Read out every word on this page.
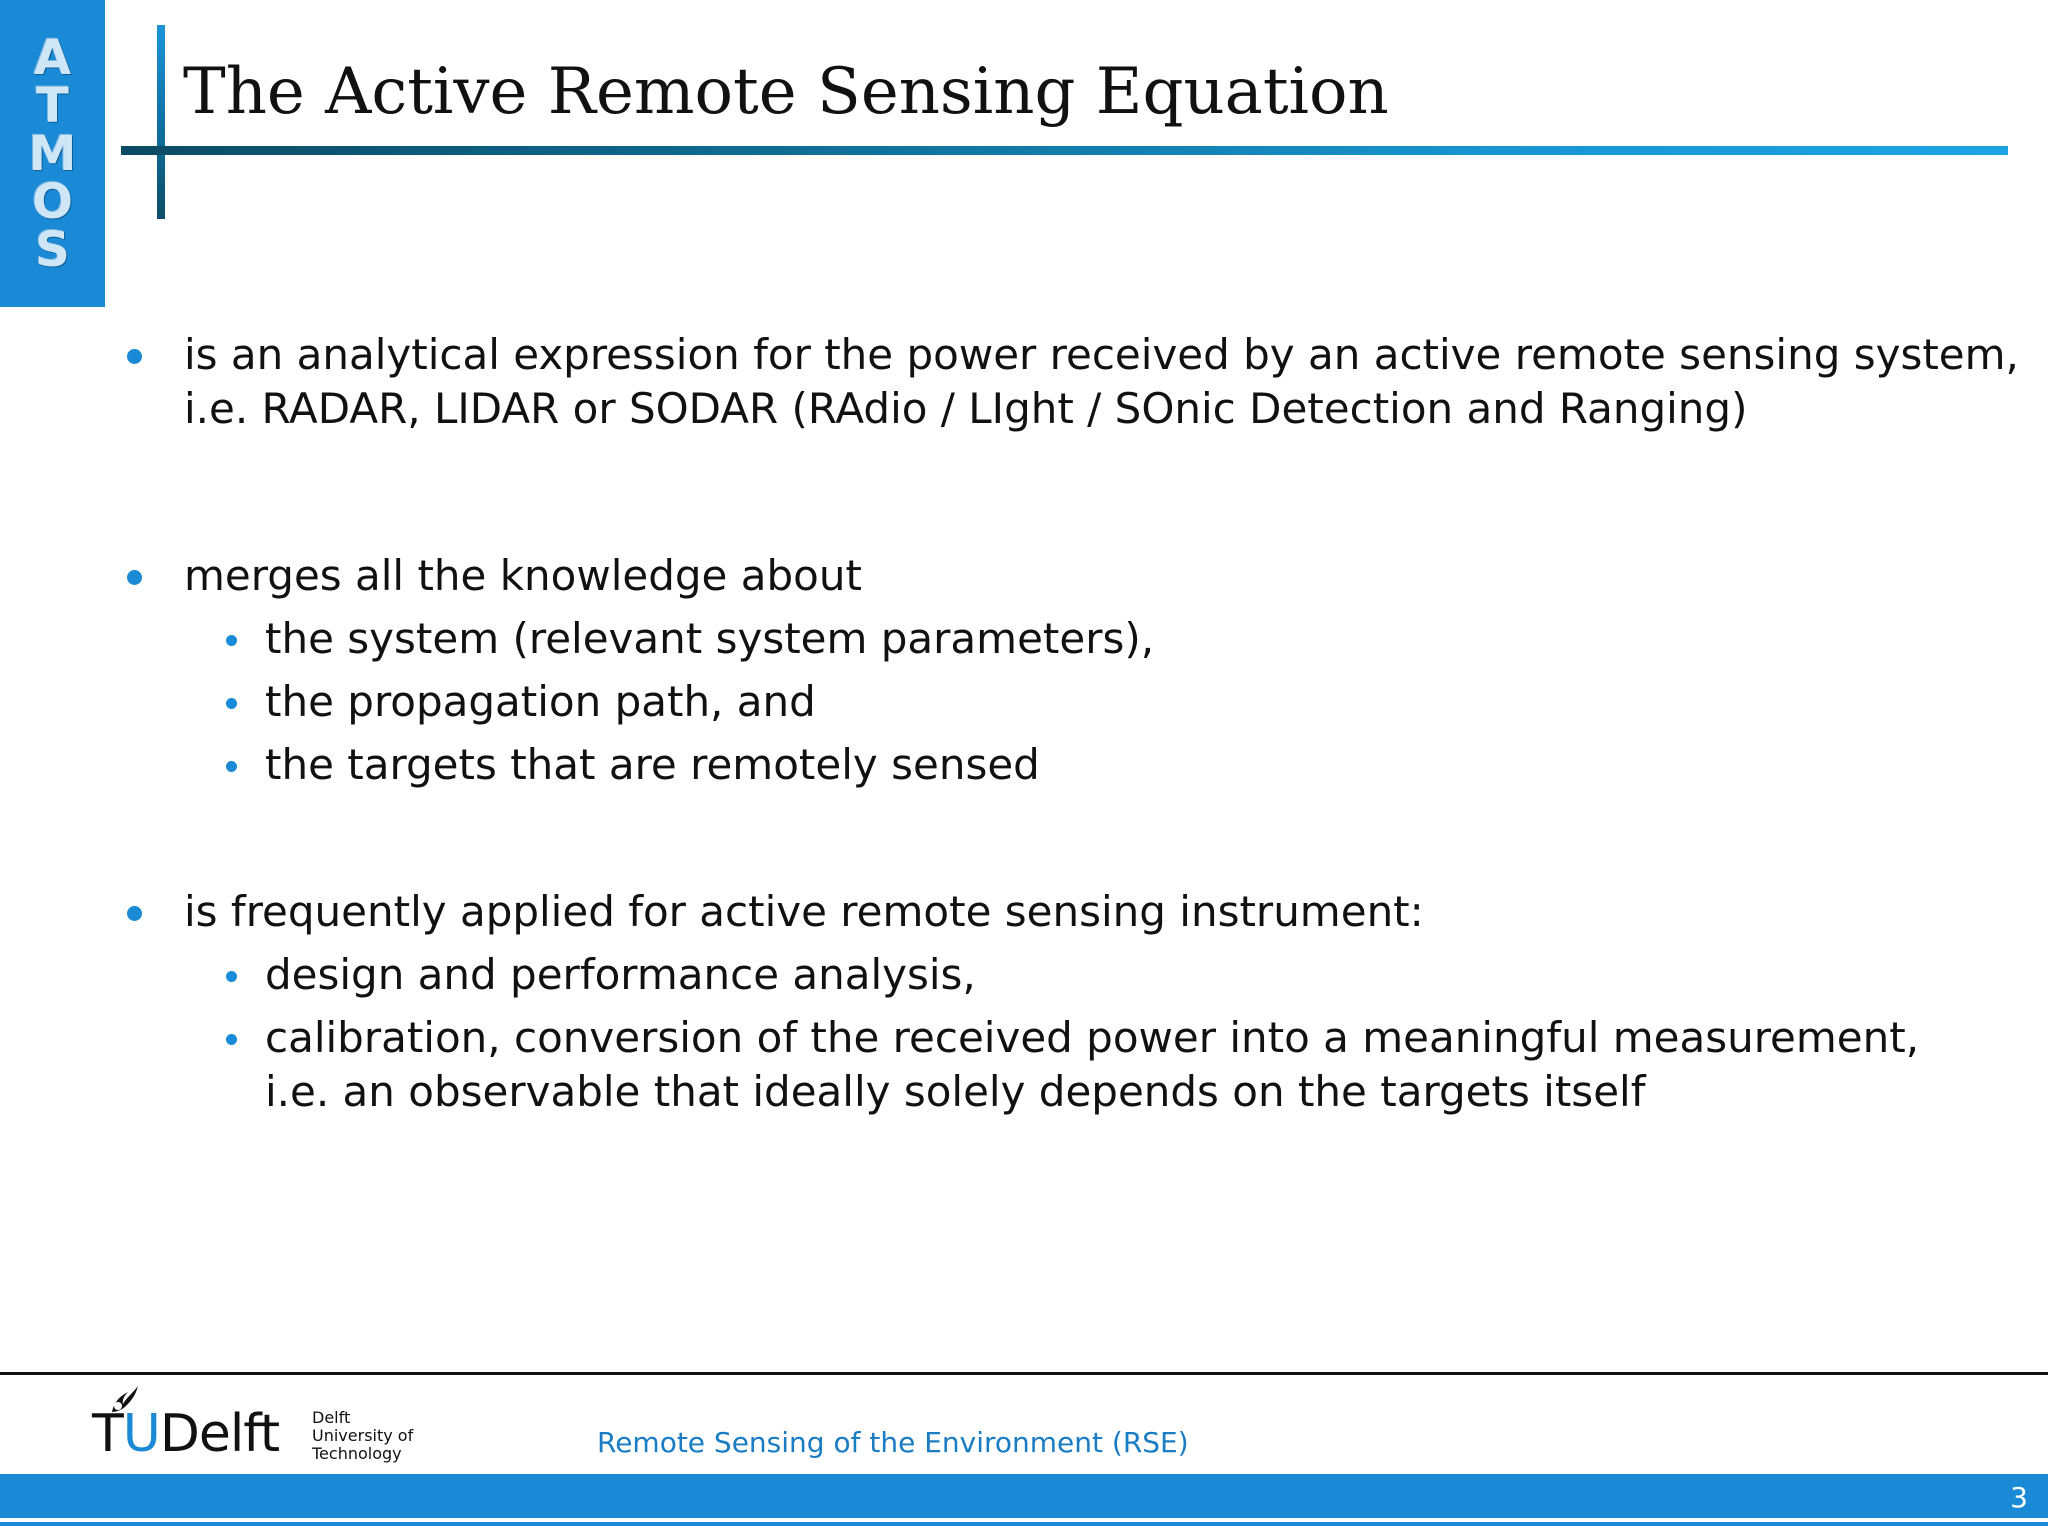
A
T
M
O
S
The Active Remote Sensing Equation
is an analytical expression for the power received by an active remote sensing system,
i.e. RADAR, LIDAR or SODAR (RAdio / LIght / SOnic Detection and Ranging)
merges all the knowledge about
the system (relevant system parameters),
the propagation path, and
the targets that are remotely sensed
is frequently applied for active remote sensing instrument:
design and performance analysis,
calibration, conversion of the received power into a meaningful measurement,
i.e. an observable that ideally solely depends on the targets itself
TUDelft Delft
University of
Technology	Remote Sensing of the Environment (RSE)
3
